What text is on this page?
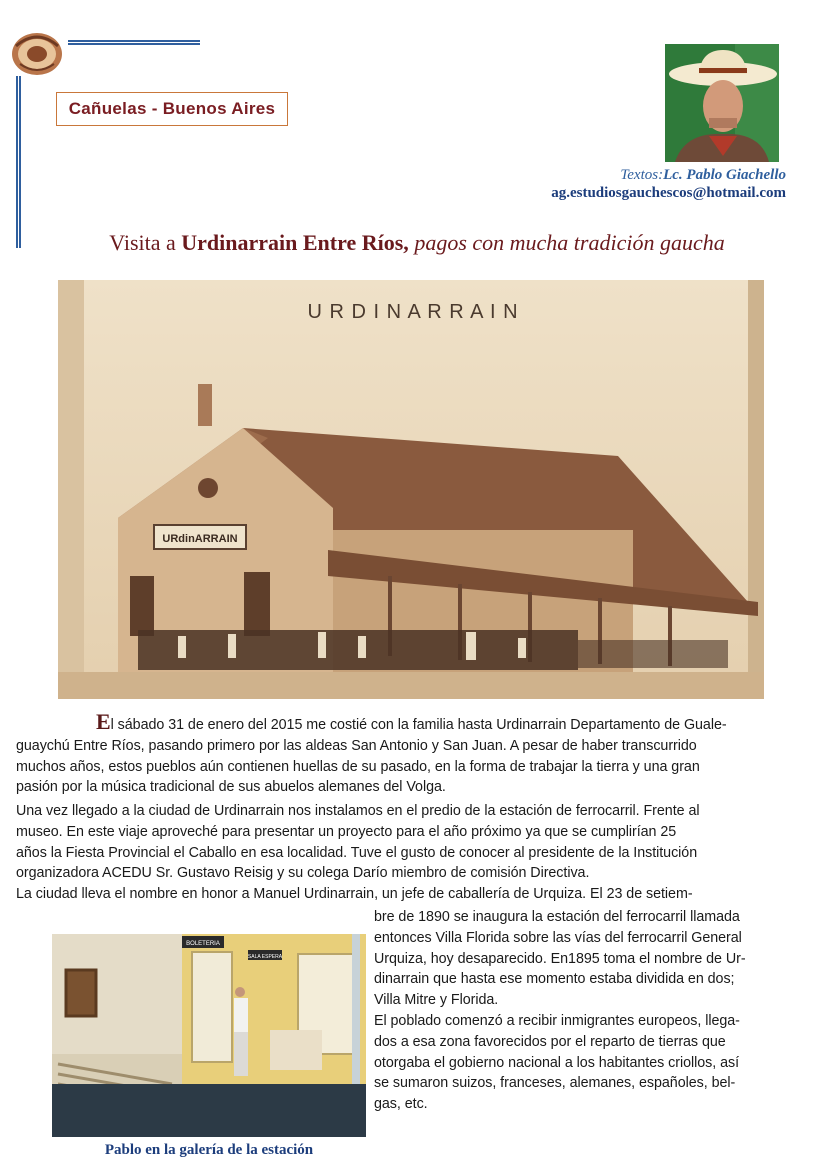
Cañuelas - Buenos Aires
Textos:Lc. Pablo Giachello
ag.estudiosgauchescos@hotmail.com
Visita a Urdinarrain Entre Ríos, pagos con mucha tradición gaucha
U R D I N A R R A I N
URdinARRAIN
El sábado 31 de enero del 2015 me costié con la familia hasta Urdinarrain Departamento de Guale-
guaychú Entre Ríos, pasando primero por las aldeas San Antonio y San Juan. A pesar de haber transcurrido
muchos años, estos pueblos aún contienen huellas de su pasado, en la forma de trabajar la tierra y una gran
pasión por la música tradicional de sus abuelos alemanes del Volga.
Una vez llegado a la ciudad de Urdinarrain nos instalamos en el predio de la estación de ferrocarril. Frente al
museo. En este viaje aproveché para presentar un proyecto para el año próximo ya que se cumplirían 25
años la Fiesta Provincial el Caballo en esa localidad. Tuve el gusto de conocer al presidente de la Institución
organizadora ACEDU Sr. Gustavo Reisig y su colega Darío miembro de comisión Directiva.
La ciudad lleva el nombre en honor a Manuel Urdinarrain, un jefe de caballería de Urquiza. El 23 de setiem-
bre de 1890 se inaugura la estación del ferrocarril llamada
entonces Villa Florida sobre las vías del ferrocarril General
Urquiza, hoy desaparecido. En1895 toma el nombre de Ur-
dinarrain que hasta ese momento estaba dividida en dos;
Villa Mitre y Florida.
El poblado comenzó a recibir inmigrantes europeos, llega-
dos a esa zona favorecidos por el reparto de tierras que
otorgaba el gobierno nacional a los habitantes criollos, así
se sumaron suizos, franceses, alemanes, españoles, bel-
gas, etc.
BOLETERIA
SALA ESPERA
Pablo en la galería de la estación
